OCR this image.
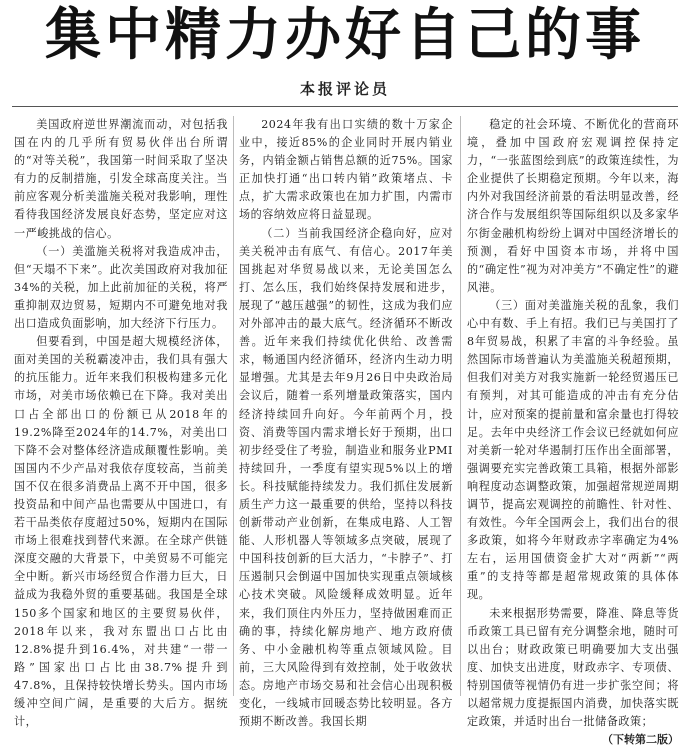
集中精力办好自己的事
本报评论员

美国政府逆世界潮流而动，对包括我国在内的几乎所有贸易伙伴出台所谓的“对等关税”，我国第一时间采取了坚决有力的反制措施，引发全球高度关注。当前应客观分析美滥施关税对我影响，理性看待我国经济发展良好态势，坚定应对这一严峻挑战的信心。

（一）美滥施关税将对我造成冲击，但“天塌不下来”。此次美国政府对我加征34%的关税，加上此前加征的关税，将严重抑制双边贸易，短期内不可避免地对我出口造成负面影响，加大经济下行压力。

但要看到，中国是超大规模经济体，面对美国的关税霸凌冲击，我们具有强大的抗压能力。近年来我们积极构建多元化市场，对美市场依赖已在下降。我对美出口占全部出口的份额已从2018年的19.2%降至2024年的14.7%，对美出口下降不会对整体经济造成颠覆性影响。美国国内不少产品对我依存度较高，当前美国不仅在很多消费品上离不开中国，很多投资品和中间产品也需要从中国进口，有若干品类依存度超过50%，短期内在国际市场上很难找到替代来源。在全球产供链深度交融的大背景下，中美贸易不可能完全中断。新兴市场经贸合作潜力巨大，日益成为我稳外贸的重要基础。我国是全球150多个国家和地区的主要贸易伙伴，2018年以来，我对东盟出口占比由12.8%提升到16.4%，对共建“一带一路”国家出口占比由38.7%提升到47.8%，且保持较快增长势头。国内市场缓冲空间广阔，是重要的大后方。据统计，

2024年我有出口实绩的数十万家企业中，接近85%的企业同时开展内销业务，内销金额占销售总额的近75%。国家正加快打通“出口转内销”政策堵点、卡点，扩大需求政策也在加力扩围，内需市场的容纳效应将日益显现。

（二）当前我国经济企稳向好，应对美关税冲击有底气、有信心。2017年美国挑起对华贸易战以来，无论美国怎么打、怎么压，我们始终保持发展和进步，展现了“越压越强”的韧性，这成为我们应对外部冲击的最大底气。经济循环不断改善。近年来我们持续优化供给、改善需求，畅通国内经济循环，经济内生动力明显增强。尤其是去年9月26日中央政治局会议后，随着一系列增量政策落实，国内经济持续回升向好。今年前两个月，投资、消费等国内需求增长好于预期，出口初步经受住了考验，制造业和服务业PMI持续回升，一季度有望实现5%以上的增长。科技赋能持续发力。我们抓住发展新质生产力这一最重要的供给，坚持以科技创新带动产业创新，在集成电路、人工智能、人形机器人等领域多点突破，展现了中国科技创新的巨大活力，“卡脖子”、打压遏制只会倒逼中国加快实现重点领域核心技术突破。风险缓释成效明显。近年来，我们顶住内外压力，坚持做困难而正确的事，持续化解房地产、地方政府债务、中小金融机构等重点领域风险。目前，三大风险得到有效控制，处于收敛状态。房地产市场交易和社会信心出现积极变化，一线城市回暖态势比较明显。各方预期不断改善。我国长期

稳定的社会环境、不断优化的营商环境，叠加中国政府宏观调控保持定力，“一张蓝图绘到底”的政策连续性，为企业提供了长期稳定预期。今年以来，海内外对我国经济前景的看法明显改善，经济合作与发展组织等国际组织以及多家华尔街金融机构纷纷上调对中国经济增长的预测，看好中国资本市场，并将中国的“确定性”视为对冲美方“不确定性”的避风港。

（三）面对美滥施关税的乱象，我们心中有数、手上有招。我们已与美国打了8年贸易战，积累了丰富的斗争经验。虽然国际市场普遍认为美滥施关税超预期，但我们对美方对我实施新一轮经贸遏压已有预判，对其可能造成的冲击有充分估计，应对预案的提前量和富余量也打得较足。去年中央经济工作会议已经就如何应对美新一轮对华遏制打压作出全面部署，强调要充实完善政策工具箱，根据外部影响程度动态调整政策，加强超常规逆周期调节，提高宏观调控的前瞻性、针对性、有效性。今年全国两会上，我们出台的很多政策，如将今年财政赤字率确定为4%左右，运用国债资金扩大对“两新”“两重”的支持等都是超常规政策的具体体现。

未来根据形势需要，降准、降息等货币政策工具已留有充分调整余地，随时可以出台；财政政策已明确要加大支出强度、加快支出进度，财政赤字、专项债、特别国债等视情仍有进一步扩张空间；将以超常规力度提振国内消费，加快落实既定政策，并适时出台一批储备政策；

（下转第二版）
